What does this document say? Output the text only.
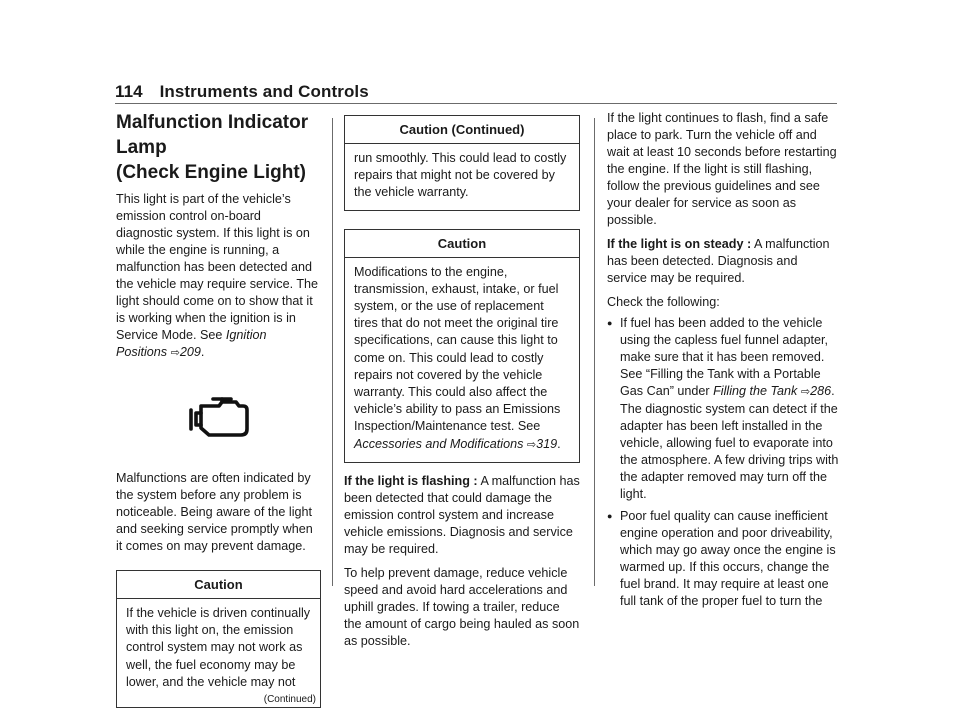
114 Instruments and Controls
Malfunction Indicator Lamp
(Check Engine Light)

This light is part of the vehicle’s emission control on-board diagnostic system. If this light is on while the engine is running, a malfunction has been detected and the vehicle may require service. The light should come on to show that it is working when the ignition is in Service Mode. See Ignition Positions ⇨209.

Malfunctions are often indicated by the system before any problem is noticeable. Being aware of the light and seeking service promptly when it comes on may prevent damage.

Caution
If the vehicle is driven continually with this light on, the emission control system may not work as well, the fuel economy may be lower, and the vehicle may not
(Continued)
Caution (Continued)
run smoothly. This could lead to costly repairs that might not be covered by the vehicle warranty.
Caution
Modifications to the engine, transmission, exhaust, intake, or fuel system, or the use of replacement tires that do not meet the original tire specifications, can cause this light to come on. This could lead to costly repairs not covered by the vehicle warranty. This could also affect the vehicle’s ability to pass an Emissions Inspection/Maintenance test. See Accessories and Modifications ⇨319.

If the light is flashing : A malfunction has been detected that could damage the emission control system and increase vehicle emissions. Diagnosis and service may be required.

To help prevent damage, reduce vehicle speed and avoid hard accelerations and uphill grades. If towing a trailer, reduce the amount of cargo being hauled as soon as possible.

If the light continues to flash, find a safe place to park. Turn the vehicle off and wait at least 10 seconds before restarting the engine. If the light is still flashing, follow the previous guidelines and see your dealer for service as soon as possible.

If the light is on steady : A malfunction has been detected. Diagnosis and service may be required.

Check the following:

● If fuel has been added to the vehicle using the capless fuel funnel adapter, make sure that it has been removed. See “Filling the Tank with a Portable Gas Can” under Filling the Tank ⇨286. The diagnostic system can detect if the adapter has been left installed in the vehicle, allowing fuel to evaporate into the atmosphere. A few driving trips with the adapter removed may turn off the light.
● Poor fuel quality can cause inefficient engine operation and poor driveability, which may go away once the engine is warmed up. If this occurs, change the fuel brand. It may require at least one full tank of the proper fuel to turn the
